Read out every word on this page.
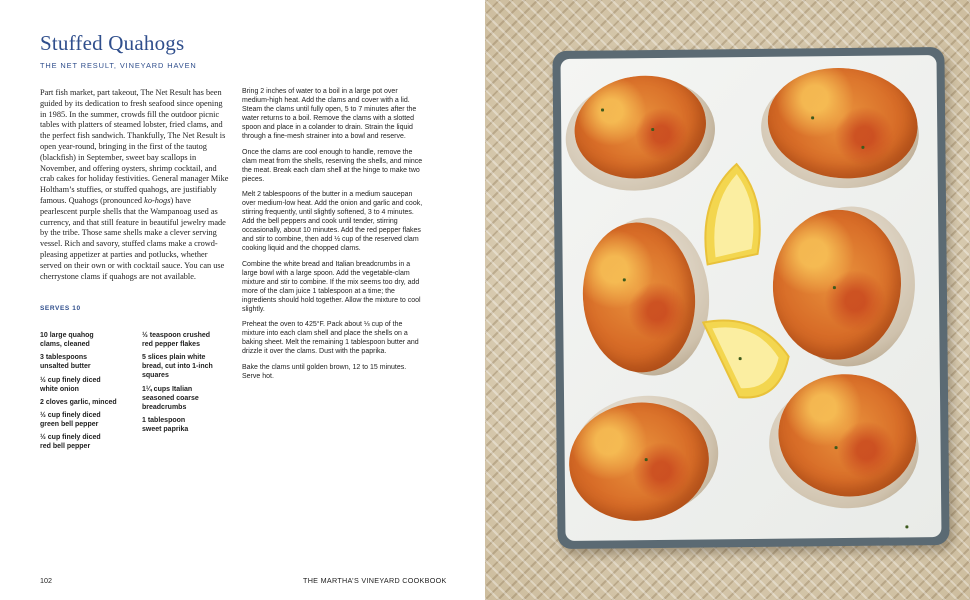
Stuffed Quahogs
THE NET RESULT, VINEYARD HAVEN

Part fish market, part takeout, The Net Result has been guided by its dedication to fresh seafood since opening in 1985. In the summer, crowds fill the outdoor picnic tables with platters of steamed lobster, fried clams, and the perfect fish sandwich. Thankfully, The Net Result is open year-round, bringing in the first of the tautog (blackfish) in September, sweet bay scallops in November, and offering oysters, shrimp cocktail, and crab cakes for holiday festivities. General manager Mike Holtham’s stuffies, or stuffed quahogs, are justifiably famous. Quahogs (pronounced ko-hogs) have pearlescent purple shells that the Wampanoag used as currency, and that still feature in beautiful jewelry made by the tribe. Those same shells make a clever serving vessel. Rich and savory, stuffed clams make a crowd-pleasing appetizer at parties and potlucks, whether served on their own or with cocktail sauce. You can use cherrystone clams if quahogs are not available.

SERVES 10
10 large quahog
clams, cleaned
3 tablespoons
unsalted butter
½ cup finely diced
white onion
2 cloves garlic, minced
½ cup finely diced
green bell pepper
½ cup finely diced
red bell pepper
½ teaspoon crushed
red pepper flakes
5 slices plain white
bread, cut into 1-inch squares
1¼ cups Italian
seasoned coarse breadcrumbs
1 tablespoon
sweet paprika

Bring 2 inches of water to a boil in a large pot over medium-high heat. Add the clams and cover with a lid. Steam the clams until fully open, 5 to 7 minutes after the water returns to a boil. Remove the clams with a slotted spoon and place in a colander to drain. Strain the liquid through a fine-mesh strainer into a bowl and reserve.

Once the clams are cool enough to handle, remove the clam meat from the shells, reserving the shells, and mince the meat. Break each clam shell at the hinge to make two pieces.

Melt 2 tablespoons of the butter in a medium saucepan over medium-low heat. Add the onion and garlic and cook, stirring frequently, until slightly softened, 3 to 4 minutes. Add the bell peppers and cook until tender, stirring occasionally, about 10 minutes. Add the red pepper flakes and stir to combine, then add ½ cup of the reserved clam cooking liquid and the chopped clams.

Combine the white bread and Italian breadcrumbs in a large bowl with a large spoon. Add the vegetable-clam mixture and stir to combine. If the mix seems too dry, add more of the clam juice 1 tablespoon at a time; the ingredients should hold together. Allow the mixture to cool slightly.

Preheat the oven to 425°F. Pack about ⅓ cup of the mixture into each clam shell and place the shells on a baking sheet. Melt the remaining 1 tablespoon butter and drizzle it over the clams. Dust with the paprika.

Bake the clams until golden brown, 12 to 15 minutes. Serve hot.

102	THE MARTHA’S VINEYARD COOKBOOK
